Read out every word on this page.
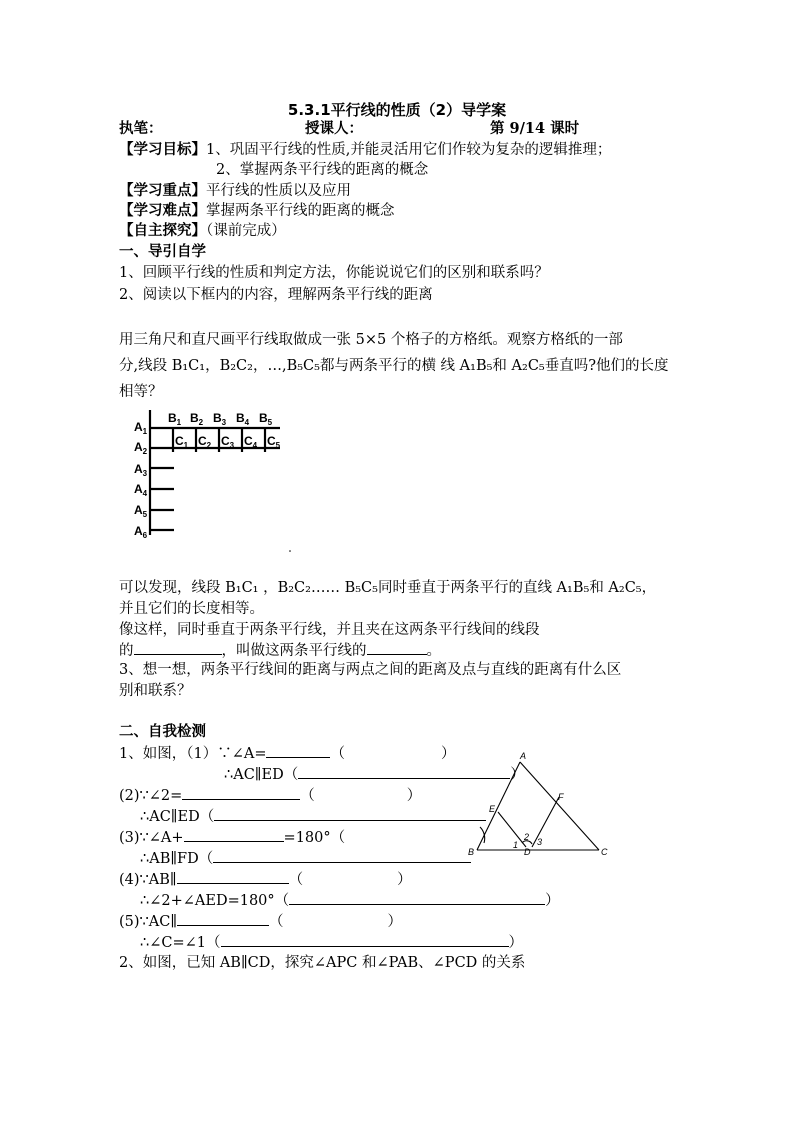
5.3.1平行线的性质（2）导学案
执笔：	授课人：	第 9/14 课时
【学习目标】1、巩固平行线的性质,并能灵活用它们作较为复杂的逻辑推理；
2、掌握两条平行线的距离的概念
【学习重点】平行线的性质以及应用
【学习难点】掌握两条平行线的距离的概念
【自主探究】（课前完成）
一、导引自学
1、回顾平行线的性质和判定方法，你能说说它们的区别和联系吗？
2、阅读以下框内的内容，理解两条平行线的距离
用三角尺和直尺画平行线取做成一张 5×5 个格子的方格纸。观察方格纸的一部
分,线段 B₁C₁，B₂C₂，…,B₅C₅都与两条平行的横 线 A₁B₅和 A₂C₅垂直吗?他们的长度
相等？
$A_1$
$A_2$
$A_3$
$A_4$
$A_5$
$A_6$
$B_1$ $B_2$ $B_3$ $B_4$ $B_5$
$C_1$ $C_2$ $C_3$ $C_4$ $C_5$
可以发现，线段 B₁C₁ ，B₂C₂…… B₅C₅同时垂直于两条平行的直线 A₁B₅和 A₂C₅，
并且它们的长度相等。
像这样，同时垂直于两条平行线，并且夹在这两条平行线间的线段
的	，叫做这两条平行线的	。
3、想一想，两条平行线间的距离与两点之间的距离及点与直线的距离有什么区
别和联系？
二、自我检测
1、如图，（1）∵∠A=	（	）
∴AC∥ED（	）
(2)∵∠2=	（	）
∴AC∥ED（
(3)∵∠A+	=180°（
∴AB∥FD（
(4)∵AB∥	（	）
∴∠2+∠AED=180°（	）
(5)∵AC∥	（	）
∴∠C=∠1（	）
2、如图，已知 AB∥CD，探究∠APC 和∠PAB、∠PCD 的关系
A
B	C
D
E
F
1
2 3
